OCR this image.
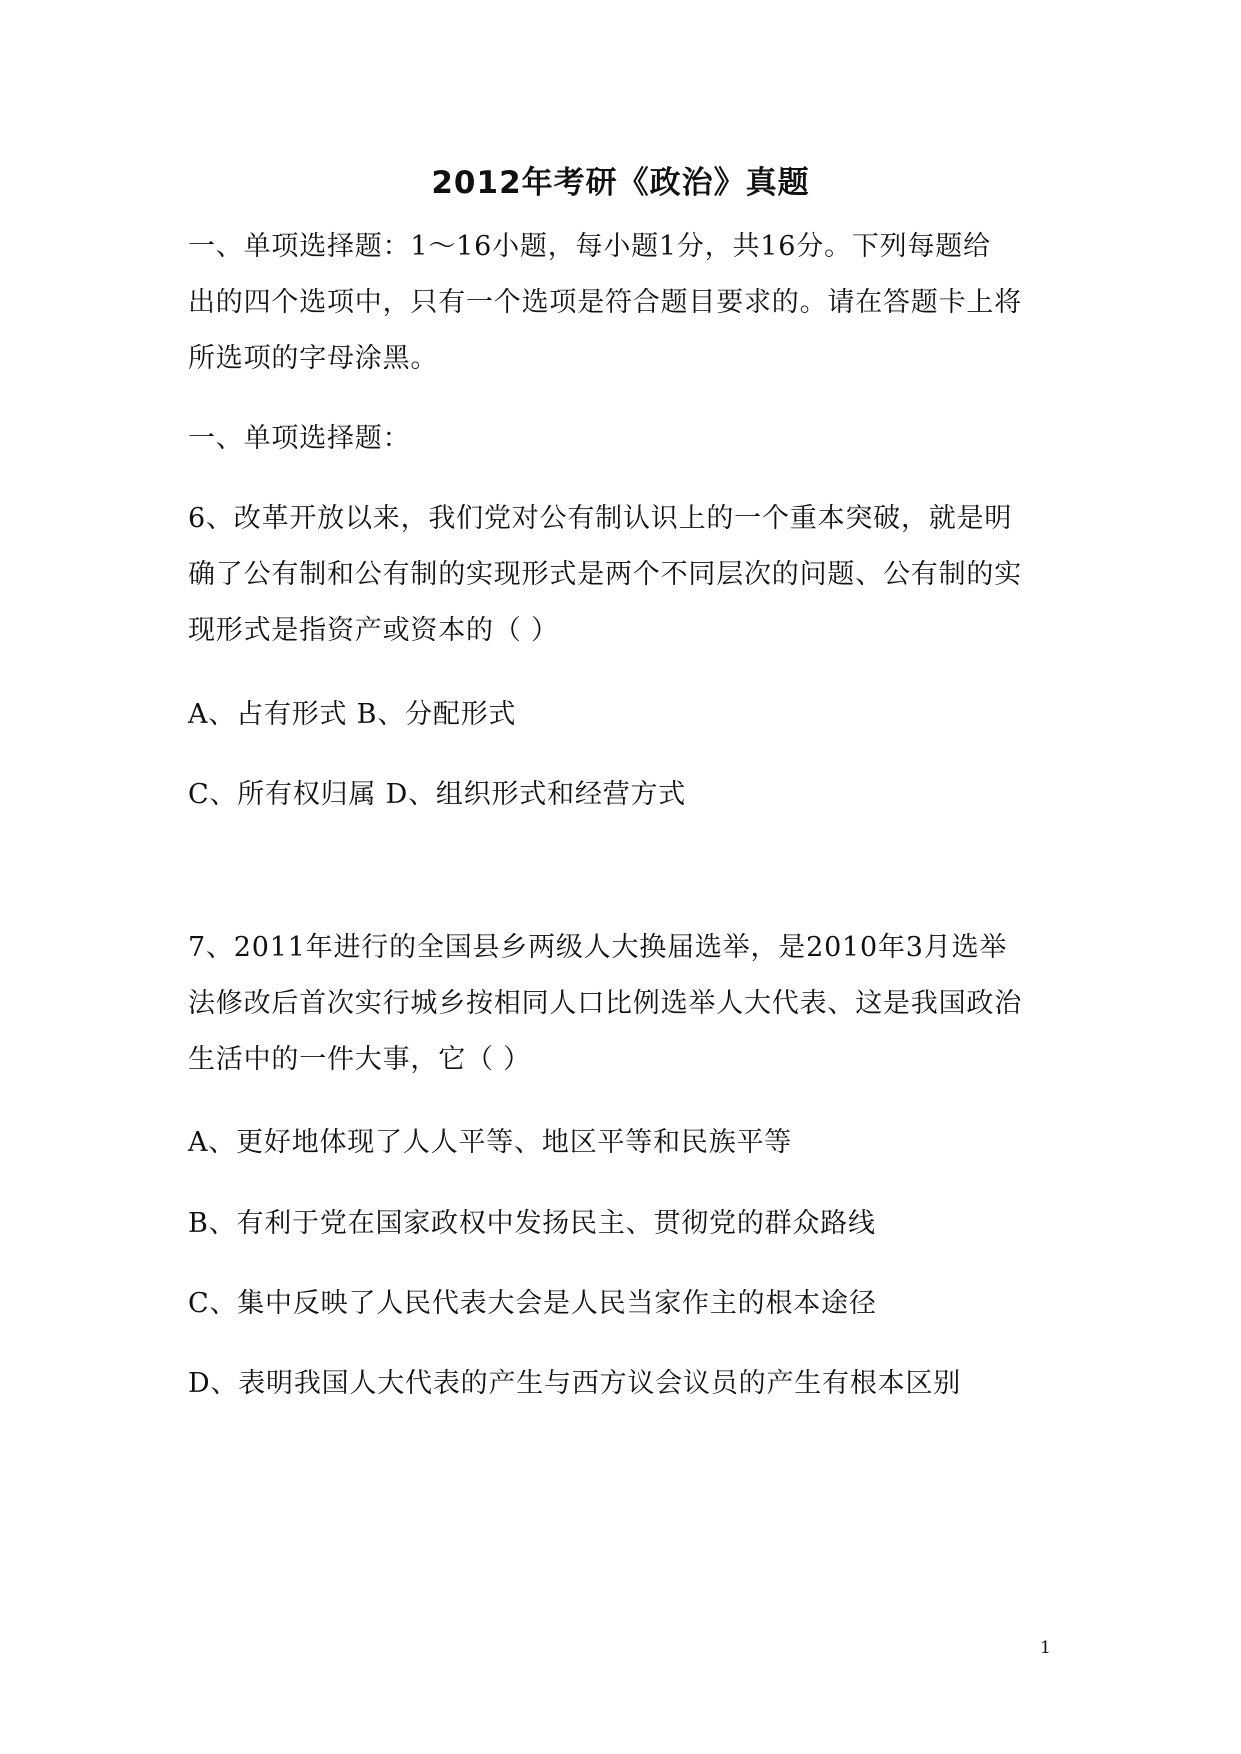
2012年考研《政治》真题
一、单项选择题：1～16小题，每小题1分，共16分。下列每题给
出的四个选项中，只有一个选项是符合题目要求的。请在答题卡上将
所选项的字母涂黑。
一、单项选择题：
6、改革开放以来，我们党对公有制认识上的一个重本突破，就是明
确了公有制和公有制的实现形式是两个不同层次的问题、公有制的实
现形式是指资产或资本的（ ）
A、占有形式 B、分配形式
C、所有权归属 D、组织形式和经营方式
7、2011年进行的全国县乡两级人大换届选举，是2010年3月选举
法修改后首次实行城乡按相同人口比例选举人大代表、这是我国政治
生活中的一件大事，它（ ）
A、更好地体现了人人平等、地区平等和民族平等
B、有利于党在国家政权中发扬民主、贯彻党的群众路线
C、集中反映了人民代表大会是人民当家作主的根本途径
D、表明我国人大代表的产生与西方议会议员的产生有根本区别
1
